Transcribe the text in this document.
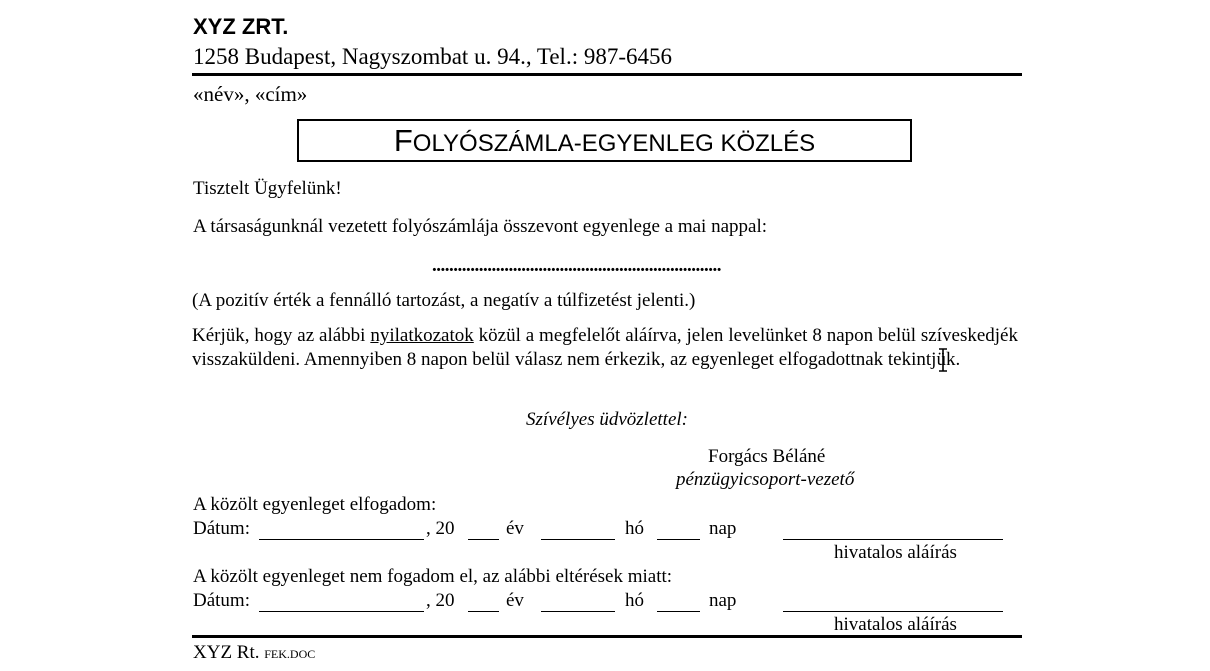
XYZ ZRT.
1258 Budapest, Nagyszombat u. 94., Tel.: 987-6456
«név», «cím»
FOLYÓSZÁMLA-EGYENLEG KÖZLÉS
Tisztelt Ügyfelünk!
A társaságunknál vezetett folyószámlája összevont egyenlege a mai nappal:
....................................................................
(A pozitív érték a fennálló tartozást, a negatív a túlfizetést jelenti.)
Kérjük, hogy az alábbi nyilatkozatok közül a megfelelőt aláírva, jelen levelünket 8 napon belül szíveskedjék visszaküldeni. Amennyiben 8 napon belül válasz nem érkezik, az egyenleget elfogadottnak tekintjük.
Szívélyes üdvözlettel:
Forgács Béláné
pénzügyicsoport-vezető
A közölt egyenleget elfogadom:
Dátum:	, 20	év	hó	nap
hivatalos aláírás
A közölt egyenleget nem fogadom el, az alábbi eltérések miatt:
Dátum:	, 20	év	hó	nap
hivatalos aláírás
XYZ Rt. FEK.DOC
